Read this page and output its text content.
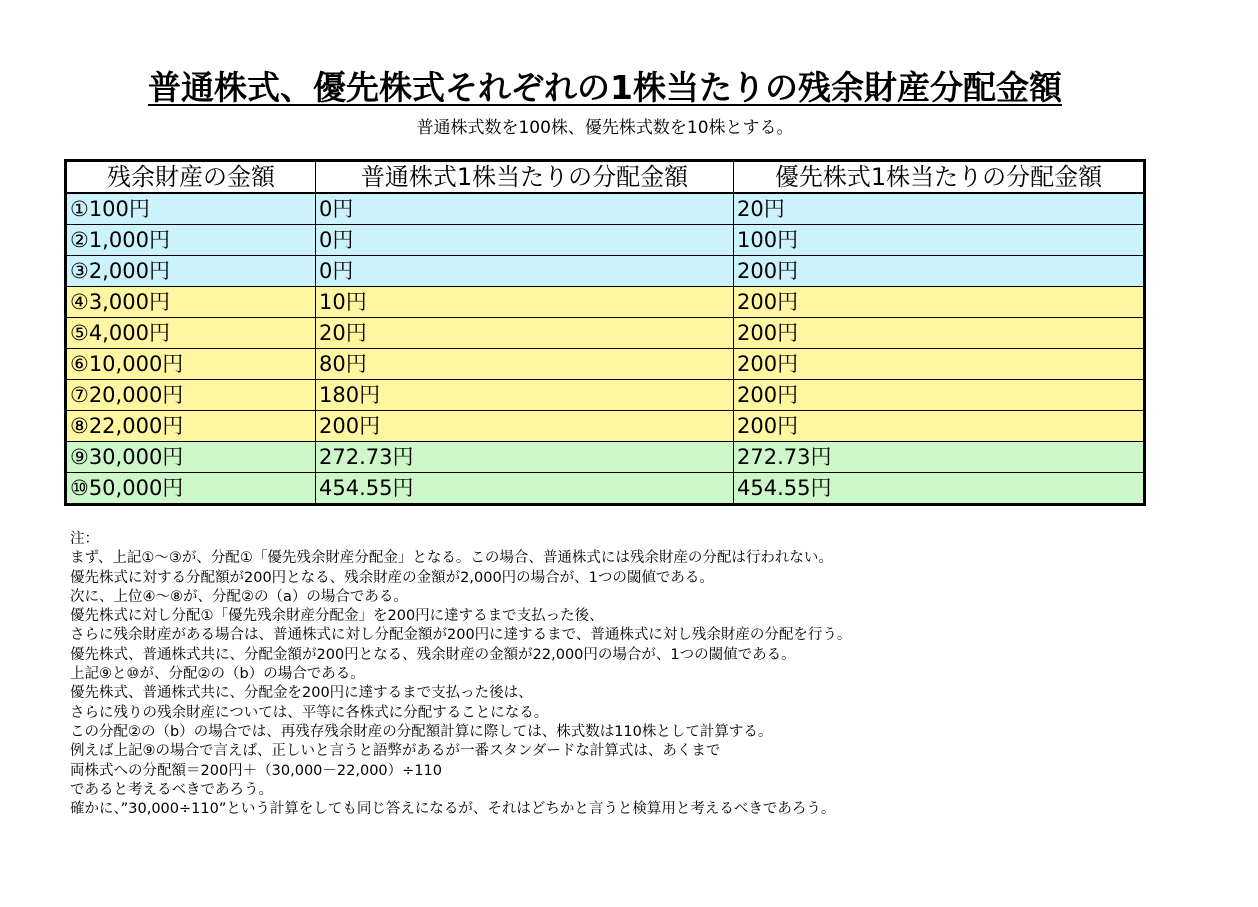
普通株式、優先株式それぞれの1株当たりの残余財産分配金額
普通株式数を100株、優先株式数を10株とする。
残余財産の金額	普通株式1株当たりの分配金額	優先株式1株当たりの分配金額
①100円	0円	20円
②1,000円	0円	100円
③2,000円	0円	200円
④3,000円	10円	200円
⑤4,000円	20円	200円
⑥10,000円	80円	200円
⑦20,000円	180円	200円
⑧22,000円	200円	200円
⑨30,000円	272.73円	272.73円
⑩50,000円	454.55円	454.55円

注：

まず、上記①～③が、分配①「優先残余財産分配金」となる。この場合、普通株式には残余財産の分配は行われない。

優先株式に対する分配額が200円となる、残余財産の金額が2,000円の場合が、1つの閾値である。

次に、上位④～⑧が、分配②の（a）の場合である。

優先株式に対し分配①「優先残余財産分配金」を200円に達するまで支払った後、

さらに残余財産がある場合は、普通株式に対し分配金額が200円に達するまで、普通株式に対し残余財産の分配を行う。

優先株式、普通株式共に、分配金額が200円となる、残余財産の金額が22,000円の場合が、1つの閾値である。

上記⑨と⑩が、分配②の（b）の場合である。

優先株式、普通株式共に、分配金を200円に達するまで支払った後は、

さらに残りの残余財産については、平等に各株式に分配することになる。

この分配②の（b）の場合では、再残存残余財産の分配額計算に際しては、株式数は110株として計算する。

例えば上記⑨の場合で言えば、正しいと言うと語弊があるが一番スタンダードな計算式は、あくまで

両株式への分配額＝200円＋（30,000－22,000）÷110

であると考えるべきであろう。

確かに、”30,000÷110”という計算をしても同じ答えになるが、それはどちかと言うと検算用と考えるべきであろう。
